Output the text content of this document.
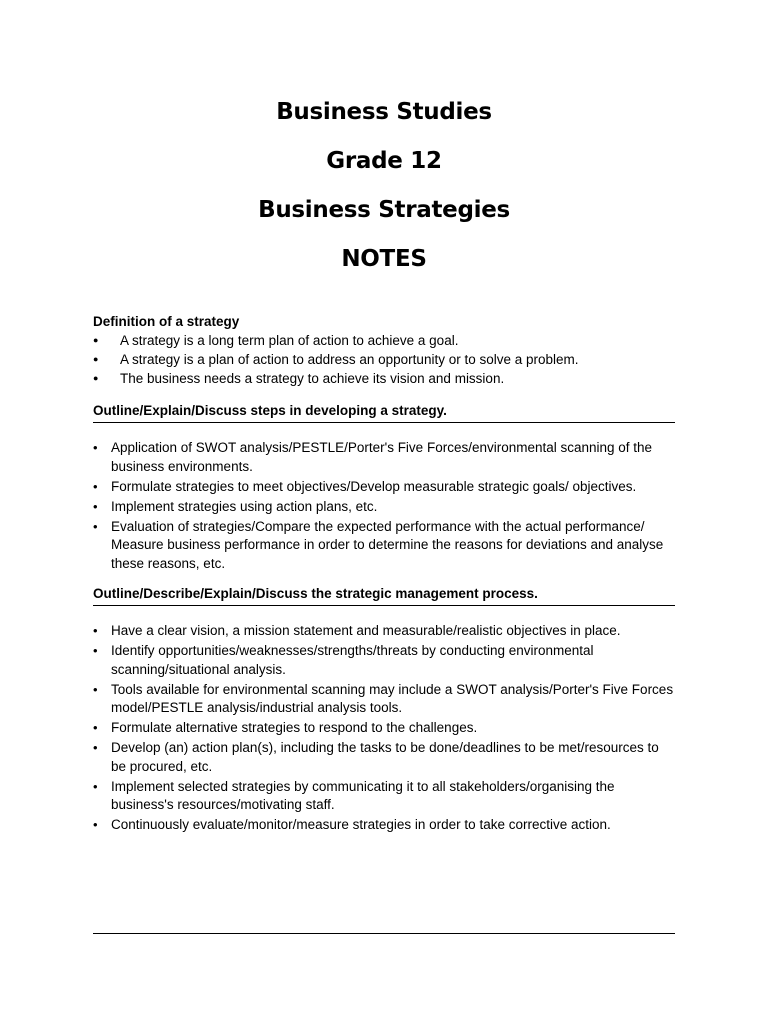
Business Studies
Grade 12
Business Strategies
NOTES
Definition of a strategy
● A strategy is a long term plan of action to achieve a goal.
● A strategy is a plan of action to address an opportunity or to solve a problem.
● The business needs a strategy to achieve its vision and mission.
Outline/Explain/Discuss steps in developing a strategy.
• Application of SWOT analysis/PESTLE/Porter's Five Forces/environmental scanning of the business environments.
• Formulate strategies to meet objectives/Develop measurable strategic goals/ objectives.
• Implement strategies using action plans, etc.
• Evaluation of strategies/Compare the expected performance with the actual performance/ Measure business performance in order to determine the reasons for deviations and analyse these reasons, etc.
Outline/Describe/Explain/Discuss the strategic management process.
• Have a clear vision, a mission statement and measurable/realistic objectives in place.
• Identify opportunities/weaknesses/strengths/threats by conducting environmental scanning/situational analysis.
• Tools available for environmental scanning may include a SWOT analysis/Porter's Five Forces model/PESTLE analysis/industrial analysis tools.
• Formulate alternative strategies to respond to the challenges.
• Develop (an) action plan(s), including the tasks to be done/deadlines to be met/resources to be procured, etc.
• Implement selected strategies by communicating it to all stakeholders/organising the business's resources/motivating staff.
• Continuously evaluate/monitor/measure strategies in order to take corrective action.
